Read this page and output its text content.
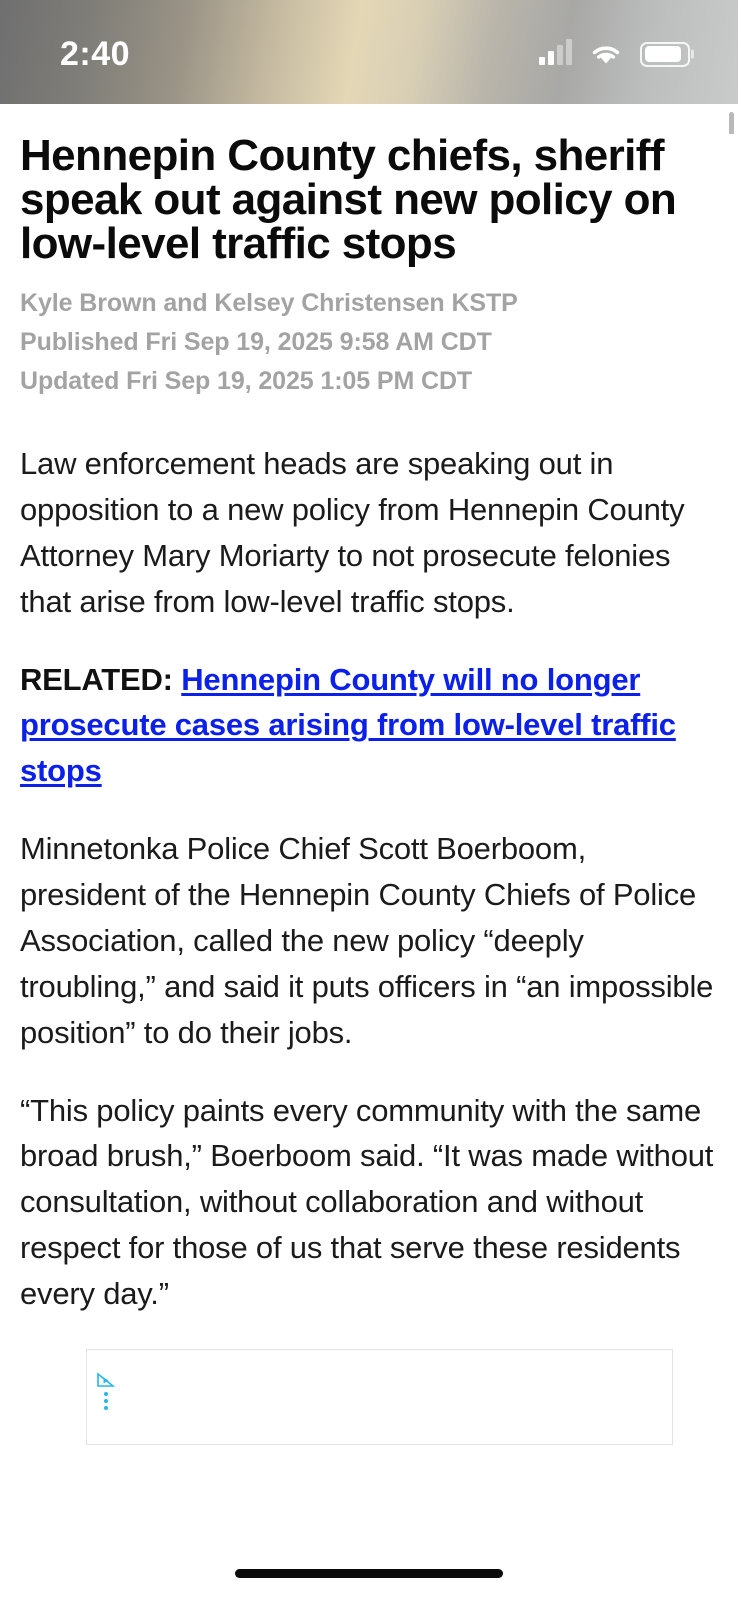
2:40
Hennepin County chiefs, sheriff speak out against new policy on low-level traffic stops
Kyle Brown and Kelsey Christensen KSTP
Published Fri Sep 19, 2025 9:58 AM CDT
Updated Fri Sep 19, 2025 1:05 PM CDT

Law enforcement heads are speaking out in opposition to a new policy from Hennepin County Attorney Mary Moriarty to not prosecute felonies that arise from low-level traffic stops.

RELATED: Hennepin County will no longer prosecute cases arising from low-level traffic stops

Minnetonka Police Chief Scott Boerboom, president of the Hennepin County Chiefs of Police Association, called the new policy “deeply troubling,” and said it puts officers in “an impossible position” to do their jobs.

“This policy paints every community with the same broad brush,” Boerboom said. “It was made without consultation, without collaboration and without respect for those of us that serve these residents every day.”
